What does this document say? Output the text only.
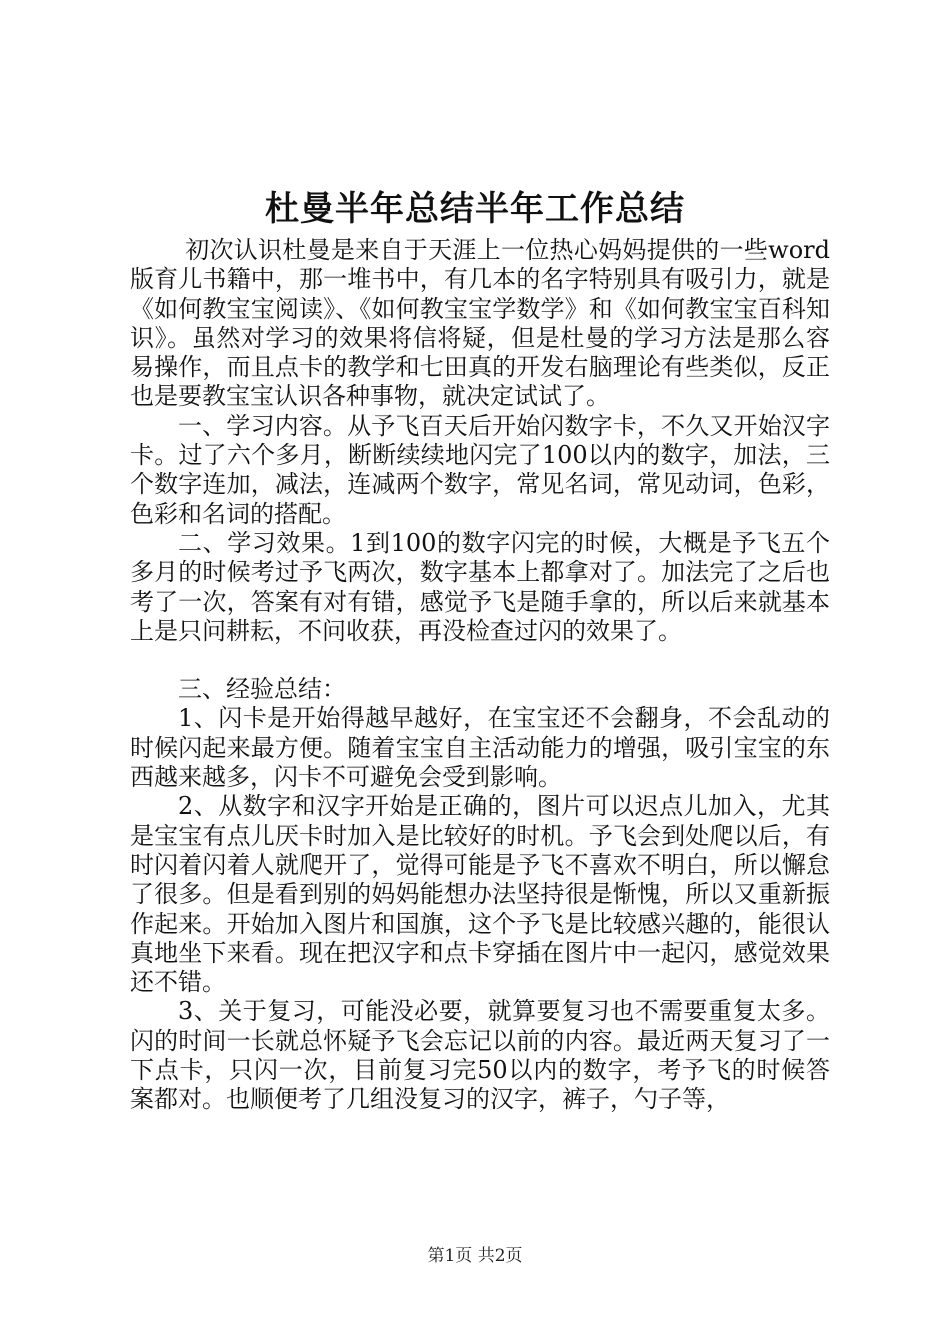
杜曼半年总结半年工作总结

初次认识杜曼是来自于天涯上一位热心妈妈提供的一些word版育儿书籍中，那一堆书中，有几本的名字特别具有吸引力，就是《如何教宝宝阅读》、《如何教宝宝学数学》和《如何教宝宝百科知识》。虽然对学习的效果将信将疑，但是杜曼的学习方法是那么容易操作，而且点卡的教学和七田真的开发右脑理论有些类似，反正也是要教宝宝认识各种事物，就决定试试了。

一、学习内容。从予飞百天后开始闪数字卡，不久又开始汉字卡。过了六个多月，断断续续地闪完了100以内的数字，加法，三个数字连加，减法，连减两个数字，常见名词，常见动词，色彩，色彩和名词的搭配。

二、学习效果。1到100的数字闪完的时候，大概是予飞五个多月的时候考过予飞两次，数字基本上都拿对了。加法完了之后也考了一次，答案有对有错，感觉予飞是随手拿的，所以后来就基本上是只问耕耘，不问收获，再没检查过闪的效果了。

三、经验总结：

1、闪卡是开始得越早越好，在宝宝还不会翻身，不会乱动的时候闪起来最方便。随着宝宝自主活动能力的增强，吸引宝宝的东西越来越多，闪卡不可避免会受到影响。

2、从数字和汉字开始是正确的，图片可以迟点儿加入，尤其是宝宝有点儿厌卡时加入是比较好的时机。予飞会到处爬以后，有时闪着闪着人就爬开了，觉得可能是予飞不喜欢不明白，所以懈怠了很多。但是看到别的妈妈能想办法坚持很是惭愧，所以又重新振作起来。开始加入图片和国旗，这个予飞是比较感兴趣的，能很认真地坐下来看。现在把汉字和点卡穿插在图片中一起闪，感觉效果还不错。

3、关于复习，可能没必要，就算要复习也不需要重复太多。闪的时间一长就总怀疑予飞会忘记以前的内容。最近两天复习了一下点卡，只闪一次，目前复习完50以内的数字，考予飞的时候答案都对。也顺便考了几组没复习的汉字，裤子，勺子等，

第1页 共2页
